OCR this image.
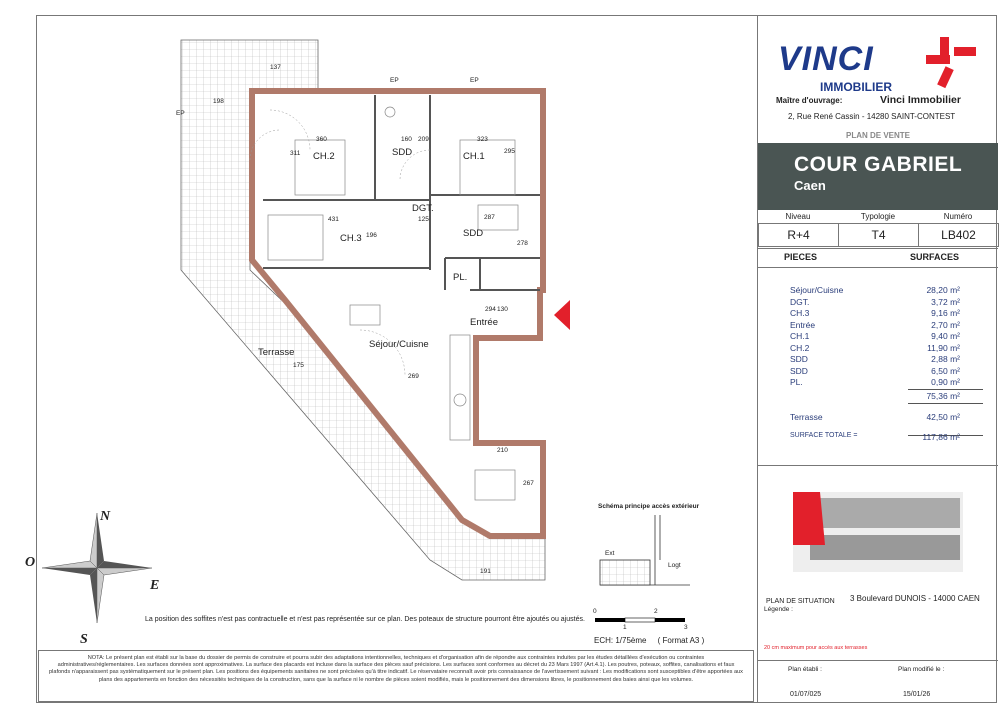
CH.2	SDD	CH.1
DGT.
CH.3	SDD
PL.
Entrée
Séjour/Cuisne
Terrasse
198
137
360	160	323
311
209
295
431	125	287
196
278
294 130
175
269
210
267
191
EP	EP
EP
N
O
E
S
La position des soffites n'est pas contractuelle et n'est pas représentée sur ce plan. Des poteaux de structure pourront être ajoutés ou ajustés.
ECH: 1/75ème ( Format A3 )
0	2
1	3
Schéma principe accès extérieur
Ext
Logt
NOTA: Le présent plan est établi sur la base du dossier de permis de construire et pourra subir des adaptations intentionnelles, techniques et d'organisation afin de répondre aux contraintes induites par les études détaillées d'exécution ou contraintes administratives/réglementaires. Les surfaces données sont approximatives. La surface des placards est incluse dans la surface des pièces sauf précisions. Les surfaces sont conformes au décret du 23 Mars 1997 (Art.4.1). Les poutres, poteaux, soffites, canalisations et faux plafonds n'apparaissent pas systématiquement sur le présent plan. Les positions des équipements sanitaires ne sont précisées qu'à titre indicatif. Le réservataire reconnaît avoir pris connaissance de l'avertissement suivant : Les modifications sont susceptibles d'être apportées aux plans des appartements en fonction des nécessités techniques de la construction, sans que la surface ni le nombre de pièces soient modifiés, mais le positionnement des dimensions libres, le positionnement des baies ainsi que les volumes.
VINCI
IMMOBILIER
Maître d'ouvrage:	Vinci Immobilier
2, Rue René Cassin - 14280 SAINT-CONTEST
PLAN DE VENTE
COUR GABRIEL
Caen
Niveau	Typologie	Numéro
R+4	T4	LB402
PIECES	SURFACES
Séjour/Cuisne	28,20 m²
DGT.	3,72 m²
CH.3	9,16 m²
Entrée	2,70 m²
CH.1	9,40 m²
CH.2	11,90 m²
SDD	2,88 m²
SDD	6,50 m²
PL.	0,90 m²
75,36 m²
Terrasse	42,50 m²
SURFACE TOTALE =	117,86 m²
3 Boulevard DUNOIS - 14000 CAEN
PLAN DE SITUATION
Légende :
20 cm maximum pour accès aux terrasses
Plan établi :	Plan modifié le :
01/07/025	15/01/26
